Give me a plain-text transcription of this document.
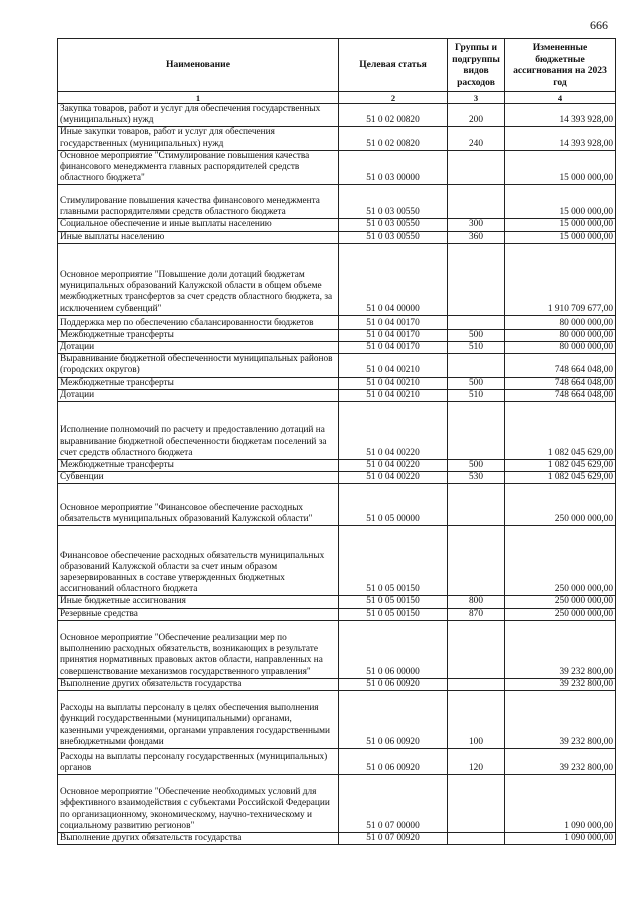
666
Наименование	Целевая статья	Группы и подгруппы видов расходов	Измененные бюджетные ассигнования на 2023 год
1	2	3	4
Закупка товаров, работ и услуг для обеспечения государственных (муниципальных) нужд	51 0 02 00820	200	14 393 928,00
Иные закупки товаров, работ и услуг для обеспечения государственных (муниципальных) нужд	51 0 02 00820	240	14 393 928,00
Основное мероприятие "Стимулирование повышения качества финансового менеджмента главных распорядителей средств областного бюджета"	51 0 03 00000		15 000 000,00
Стимулирование повышения качества финансового менеджмента главными распорядителями средств областного бюджета	51 0 03 00550		15 000 000,00
Социальное обеспечение и иные выплаты населению	51 0 03 00550	300	15 000 000,00
Иные выплаты населению	51 0 03 00550	360	15 000 000,00
Основное мероприятие "Повышение доли дотаций бюджетам муниципальных образований Калужской области в общем объеме межбюджетных трансфертов за счет средств областного бюджета, за исключением субвенций"	51 0 04 00000		1 910 709 677,00
Поддержка мер по обеспечению сбалансированности бюджетов	51 0 04 00170		80 000 000,00
Межбюджетные трансферты	51 0 04 00170	500	80 000 000,00
Дотации	51 0 04 00170	510	80 000 000,00
Выравнивание бюджетной обеспеченности муниципальных районов (городских округов)	51 0 04 00210		748 664 048,00
Межбюджетные трансферты	51 0 04 00210	500	748 664 048,00
Дотации	51 0 04 00210	510	748 664 048,00
Исполнение полномочий по расчету и предоставлению дотаций на выравнивание бюджетной обеспеченности бюджетам поселений за счет средств областного бюджета	51 0 04 00220		1 082 045 629,00
Межбюджетные трансферты	51 0 04 00220	500	1 082 045 629,00
Субвенции	51 0 04 00220	530	1 082 045 629,00
Основное мероприятие "Финансовое обеспечение расходных обязательств муниципальных образований Калужской области"	51 0 05 00000		250 000 000,00
Финансовое обеспечение расходных обязательств муниципальных образований Калужской области за счет иным образом зарезервированных в составе утвержденных бюджетных ассигнований областного бюджета	51 0 05 00150		250 000 000,00
Иные бюджетные ассигнования	51 0 05 00150	800	250 000 000,00
Резервные средства	51 0 05 00150	870	250 000 000,00
Основное мероприятие "Обеспечение реализации мер по выполнению расходных обязательств, возникающих в результате принятия нормативных правовых актов области, направленных на совершенствование механизмов государственного управления"	51 0 06 00000		39 232 800,00
Выполнение других обязательств государства	51 0 06 00920		39 232 800,00
Расходы на выплаты персоналу в целях обеспечения выполнения функций государственными (муниципальными) органами, казенными учреждениями, органами управления государственными внебюджетными фондами	51 0 06 00920	100	39 232 800,00
Расходы на выплаты персоналу государственных (муниципальных) органов	51 0 06 00920	120	39 232 800,00
Основное мероприятие "Обеспечение необходимых условий для эффективного взаимодействия с субъектами Российской Федерации по организационному, экономическому, научно-техническому и социальному развитию регионов"	51 0 07 00000		1 090 000,00
Выполнение других обязательств государства	51 0 07 00920		1 090 000,00
